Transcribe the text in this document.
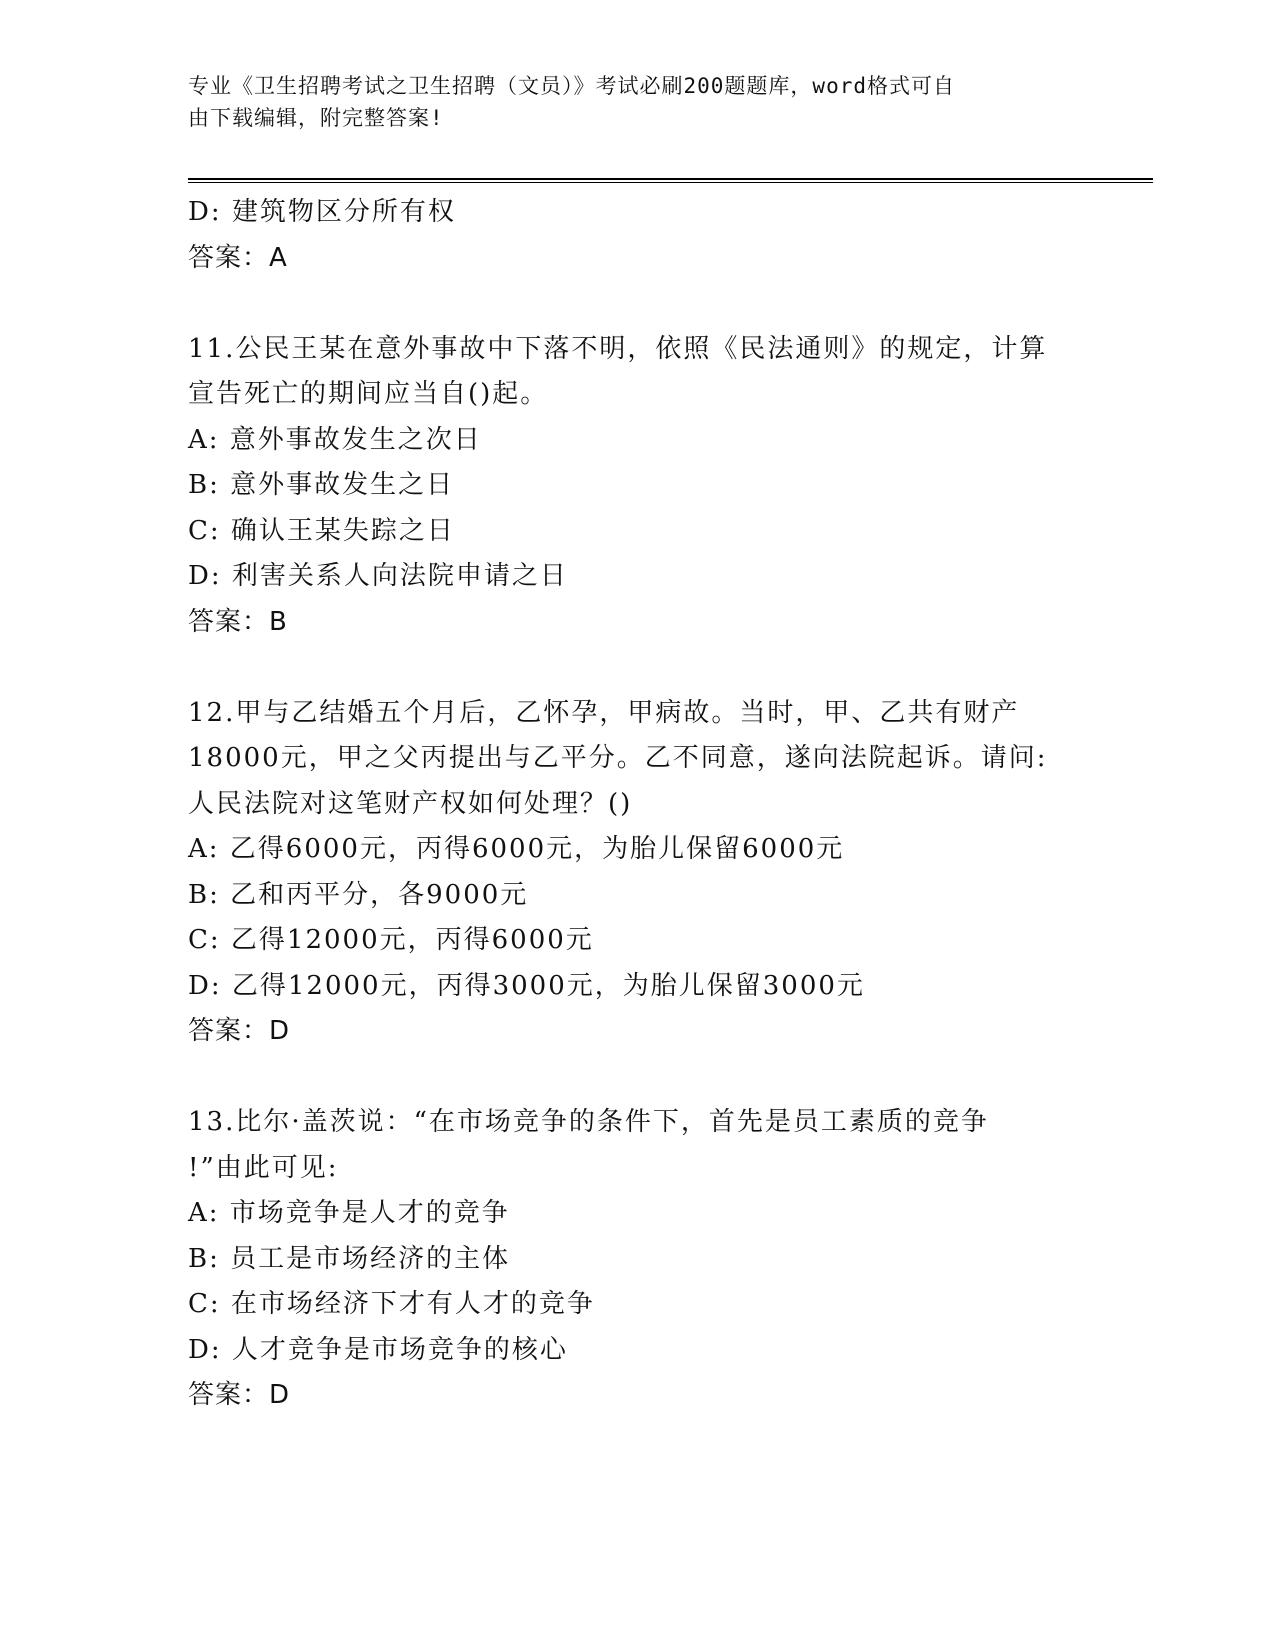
专业《卫生招聘考试之卫生招聘（文员）》考试必刷200题题库，word格式可自
由下载编辑，附完整答案!
D: 建筑物区分所有权
答案：A
11.公民王某在意外事故中下落不明，依照《民法通则》的规定，计算
宣告死亡的期间应当自()起。
A: 意外事故发生之次日
B: 意外事故发生之日
C: 确认王某失踪之日
D: 利害关系人向法院申请之日
答案：B
12.甲与乙结婚五个月后，乙怀孕，甲病故。当时，甲、乙共有财产
18000元，甲之父丙提出与乙平分。乙不同意，遂向法院起诉。请问:
人民法院对这笔财产权如何处理？()
A: 乙得6000元，丙得6000元，为胎儿保留6000元
B: 乙和丙平分，各9000元
C: 乙得12000元，丙得6000元
D: 乙得12000元，丙得3000元，为胎儿保留3000元
答案：D
13.比尔·盖茨说：“在市场竞争的条件下，首先是员工素质的竞争
!”由此可见:
A: 市场竞争是人才的竞争
B: 员工是市场经济的主体
C: 在市场经济下才有人才的竞争
D: 人才竞争是市场竞争的核心
答案：D
